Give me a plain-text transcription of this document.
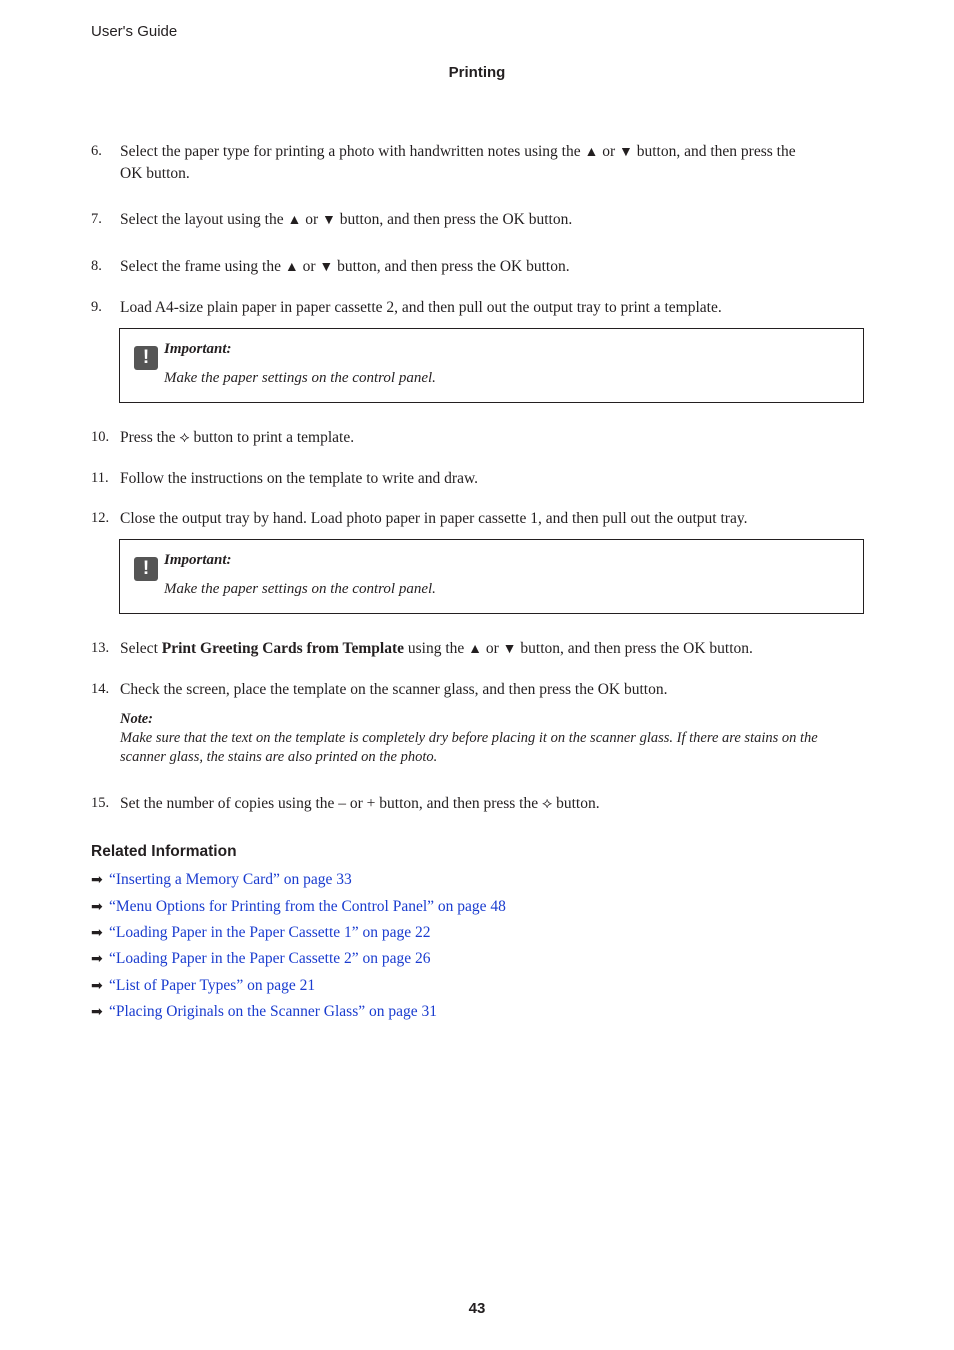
User's Guide
Printing
6.	Select the paper type for printing a photo with handwritten notes using the ▲ or ▼ button, and then press the
OK button.
7.	Select the layout using the ▲ or ▼ button, and then press the OK button.
8.	Select the frame using the ▲ or ▼ button, and then press the OK button.
9.	Load A4-size plain paper in paper cassette 2, and then pull out the output tray to print a template.
! Important:
Make the paper settings on the control panel.
10. Press the ⟡ button to print a template.
11. Follow the instructions on the template to write and draw.
12. Close the output tray by hand. Load photo paper in paper cassette 1, and then pull out the output tray.
! Important:
Make the paper settings on the control panel.
13. Select Print Greeting Cards from Template using the ▲ or ▼ button, and then press the OK button.
14. Check the screen, place the template on the scanner glass, and then press the OK button.
Note:
Make sure that the text on the template is completely dry before placing it on the scanner glass. If there are stains on the scanner glass, the stains are also printed on the photo.
15. Set the number of copies using the – or + button, and then press the ⟡ button.
Related Information
➡ “Inserting a Memory Card” on page 33
➡ “Menu Options for Printing from the Control Panel” on page 48
➡ “Loading Paper in the Paper Cassette 1” on page 22
➡ “Loading Paper in the Paper Cassette 2” on page 26
➡ “List of Paper Types” on page 21
➡ “Placing Originals on the Scanner Glass” on page 31
43
